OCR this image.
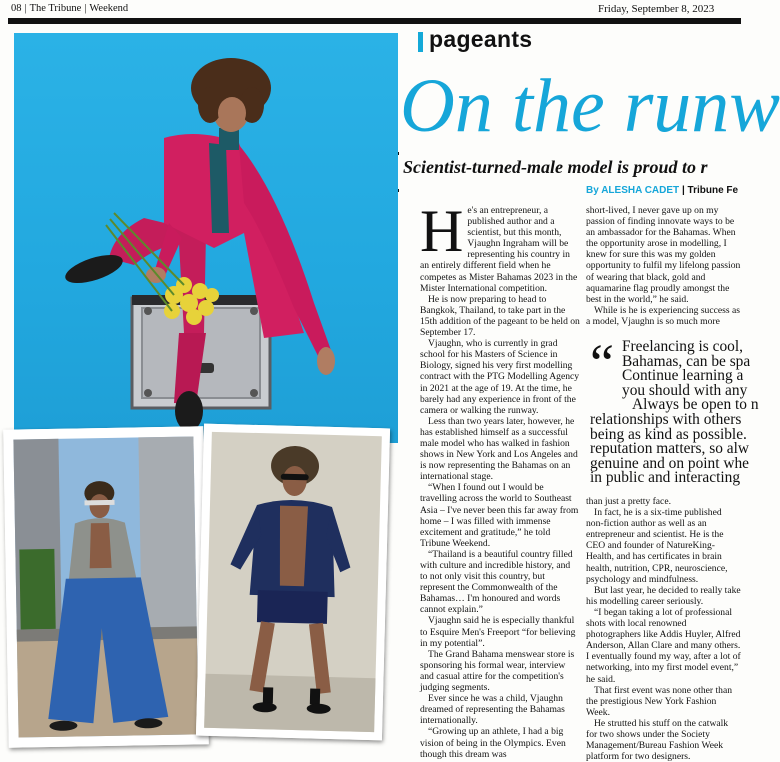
08 | The Tribune | Weekend	Friday, September 8, 2023
pageants
On the runw
Scientist-turned-male model is proud to r
By ALESHA CADET | Tribune Fe

He's an entrepreneur, a published author and a scientist, but this month, Vjaughn Ingraham will be representing his country in an entirely different field when he competes as Mister Bahamas 2023 in the Mister International competition.

He is now preparing to head to Bangkok, Thailand, to take part in the 15th addition of the pageant to be held on September 17.

Vjaughn, who is currently in grad school for his Masters of Science in Biology, signed his very first modelling contract with the PTG Modelling Agency in 2021 at the age of 19. At the time, he barely had any experience in front of the camera or walking the runway.

Less than two years later, however, he has established himself as a successful male model who has walked in fashion shows in New York and Los Angeles and is now representing the Bahamas on an international stage.

“When I found out I would be travelling across the world to Southeast Asia – I've never been this far away from home – I was filled with immense excitement and gratitude,” he told Tribune Weekend.

“Thailand is a beautiful country filled with culture and incredible history, and to not only visit this country, but represent the Commonwealth of the Bahamas… I'm honoured and words cannot explain.”

Vjaughn said he is especially thankful to Esquire Men's Freeport “for believing in my potential”.

The Grand Bahama menswear store is sponsoring his formal wear, interview and casual attire for the competition's judging segments.

Ever since he was a child, Vjaughn dreamed of representing the Bahamas internationally.

“Growing up an athlete, I had a big vision of being in the Olympics. Even though this dream was

short-lived, I never gave up on my passion of finding innovate ways to be an ambassador for the Bahamas. When the opportunity arose in modelling, I knew for sure this was my golden opportunity to fulfil my lifelong passion of wearing that black, gold and aquamarine flag proudly amongst the best in the world,” he said.

While is he is experiencing success as a model, Vjaughn is so much more

“ Freelancing is cool,
Bahamas, can be spa
Continue learning a
you should with any
Always be open to n
relationships with others
being as kind as possible.
reputation matters, so alw
genuine and on point whe
in public and interacting

than just a pretty face.

In fact, he is a six-time published non-fiction author as well as an entrepreneur and scientist. He is the CEO and founder of NatureKing-Health, and has certificates in brain health, nutrition, CPR, neuroscience, psychology and mindfulness.

But last year, he decided to really take his modelling career seriously.

“I began taking a lot of professional shots with local renowned photographers like Addis Huyler, Alfred Anderson, Allan Clare and many others. I eventually found my way, after a lot of networking, into my first model event,” he said.

That first event was none other than the prestigious New York Fashion Week.

He strutted his stuff on the catwalk for two shows under the Society Management/Bureau Fashion Week platform for two designers.
